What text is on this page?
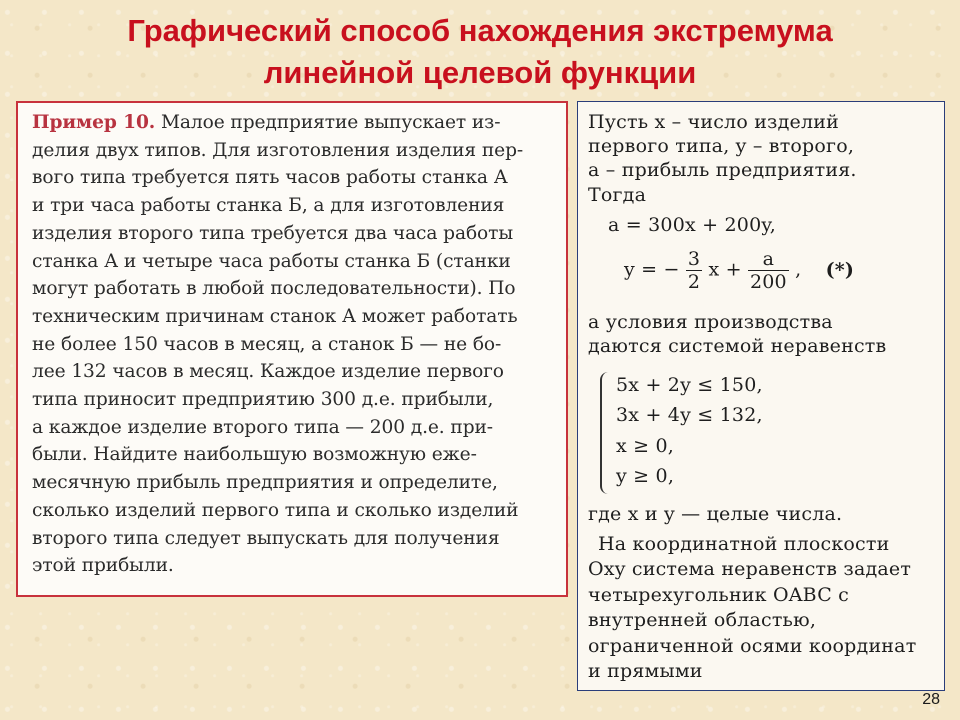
Графический способ нахождения экстремума
линейной целевой функции
Пример 10. Малое предприятие выпускает из-
делия двух типов. Для изготовления изделия пер-
вого типа требуется пять часов работы станка А
и три часа работы станка Б, а для изготовления
изделия второго типа требуется два часа работы
станка А и четыре часа работы станка Б (станки
могут работать в любой последовательности). По
техническим причинам станок А может работать
не более 150 часов в месяц, а станок Б — не бо-
лее 132 часов в месяц. Каждое изделие первого
типа приносит предприятию 300 д.е. прибыли,
а каждое изделие второго типа — 200 д.е. при-
были. Найдите наибольшую возможную еже-
месячную прибыль предприятия и определите,
сколько изделий первого типа и сколько изделий
второго типа следует выпускать для получения
этой прибыли.
Пусть x – число изделий
первого типа, y – второго,
a – прибыль предприятия.
Тогда
a = 300x + 200y,
y = − $\frac{3}{2}$ $x + \frac{a}{200}$ , (*)
а условия производства
даются системой неравенств
5x + 2y ≤ 150,
3x + 4y ≤ 132,
x ≥ 0,
y ≥ 0,
где x и y — целые числа.
На координатной плоскости
Oxy система неравенств задает
четырехугольник OABC с
внутренней областью,
ограниченной осями координат
и прямыми
28
